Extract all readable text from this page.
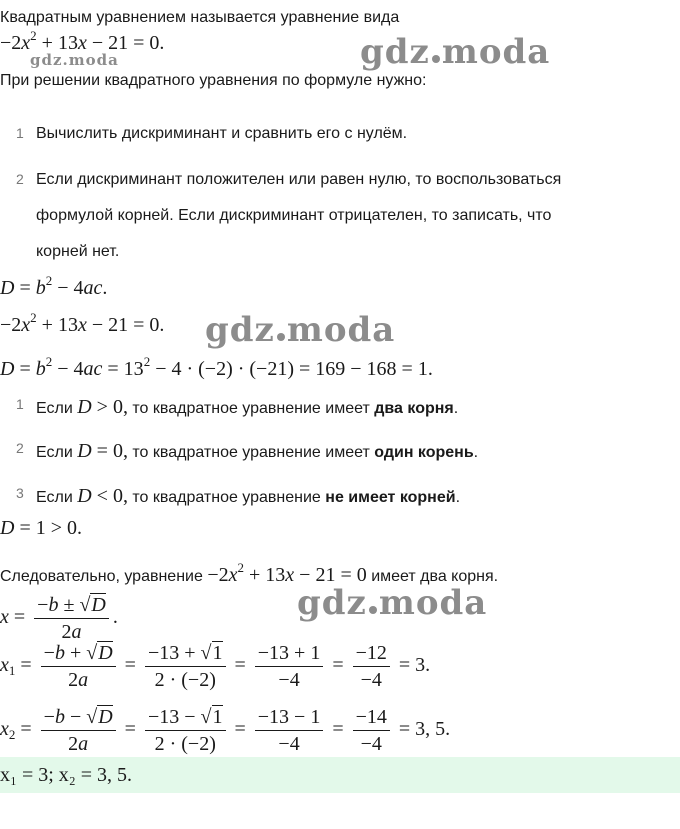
Квадратным уравнением называется уравнение вида
$-2x^2 + 13x - 21 = 0$.
gdz.moda	gdz moda
При решении квадратного уравнения по формуле нужно:
1 Вычислить дискриминант и сравнить его с нулём.
2 Если дискриминант положителен или равен нулю, то воспользоваться
формулой корней. Если дискриминант отрицателен, то записать, что
корней нет.
$D = b^2 - 4ac$.
$-2x^2 + 13x - 21 = 0$. gdz moda
$D = b^2 - 4ac = 13^2 - 4 \cdot (-2) \cdot (-21) = 169 - 168 = 1$.
1 Если D > 0, то квадратное уравнение имеет два корня.
2 Если D = 0, то квадратное уравнение имеет один корень.
3 Если D < 0, то квадратное уравнение не имеет корней.
D = 1 > 0.
Следовательно, уравнение $-2x^2 + 13x - 21 = 0$ имеет два корня.
$x = \frac{-b \pm √D}{2a}$ .	gdz moda
$x_1 = \frac{-b + √D}{2a} = \frac{-13 + √1}{2 \cdot (-2)} = \frac{-13 + 1}{-4} = \frac{-12}{-4} = 3$.
$x_2 = \frac{-b - √D}{2a} = \frac{-13 - √1}{2 \cdot (-2)} = \frac{-13 - 1}{-4} = \frac{-14}{-4} = 3$, 5.
x₁ = 3; x₂ = 3, 5.
